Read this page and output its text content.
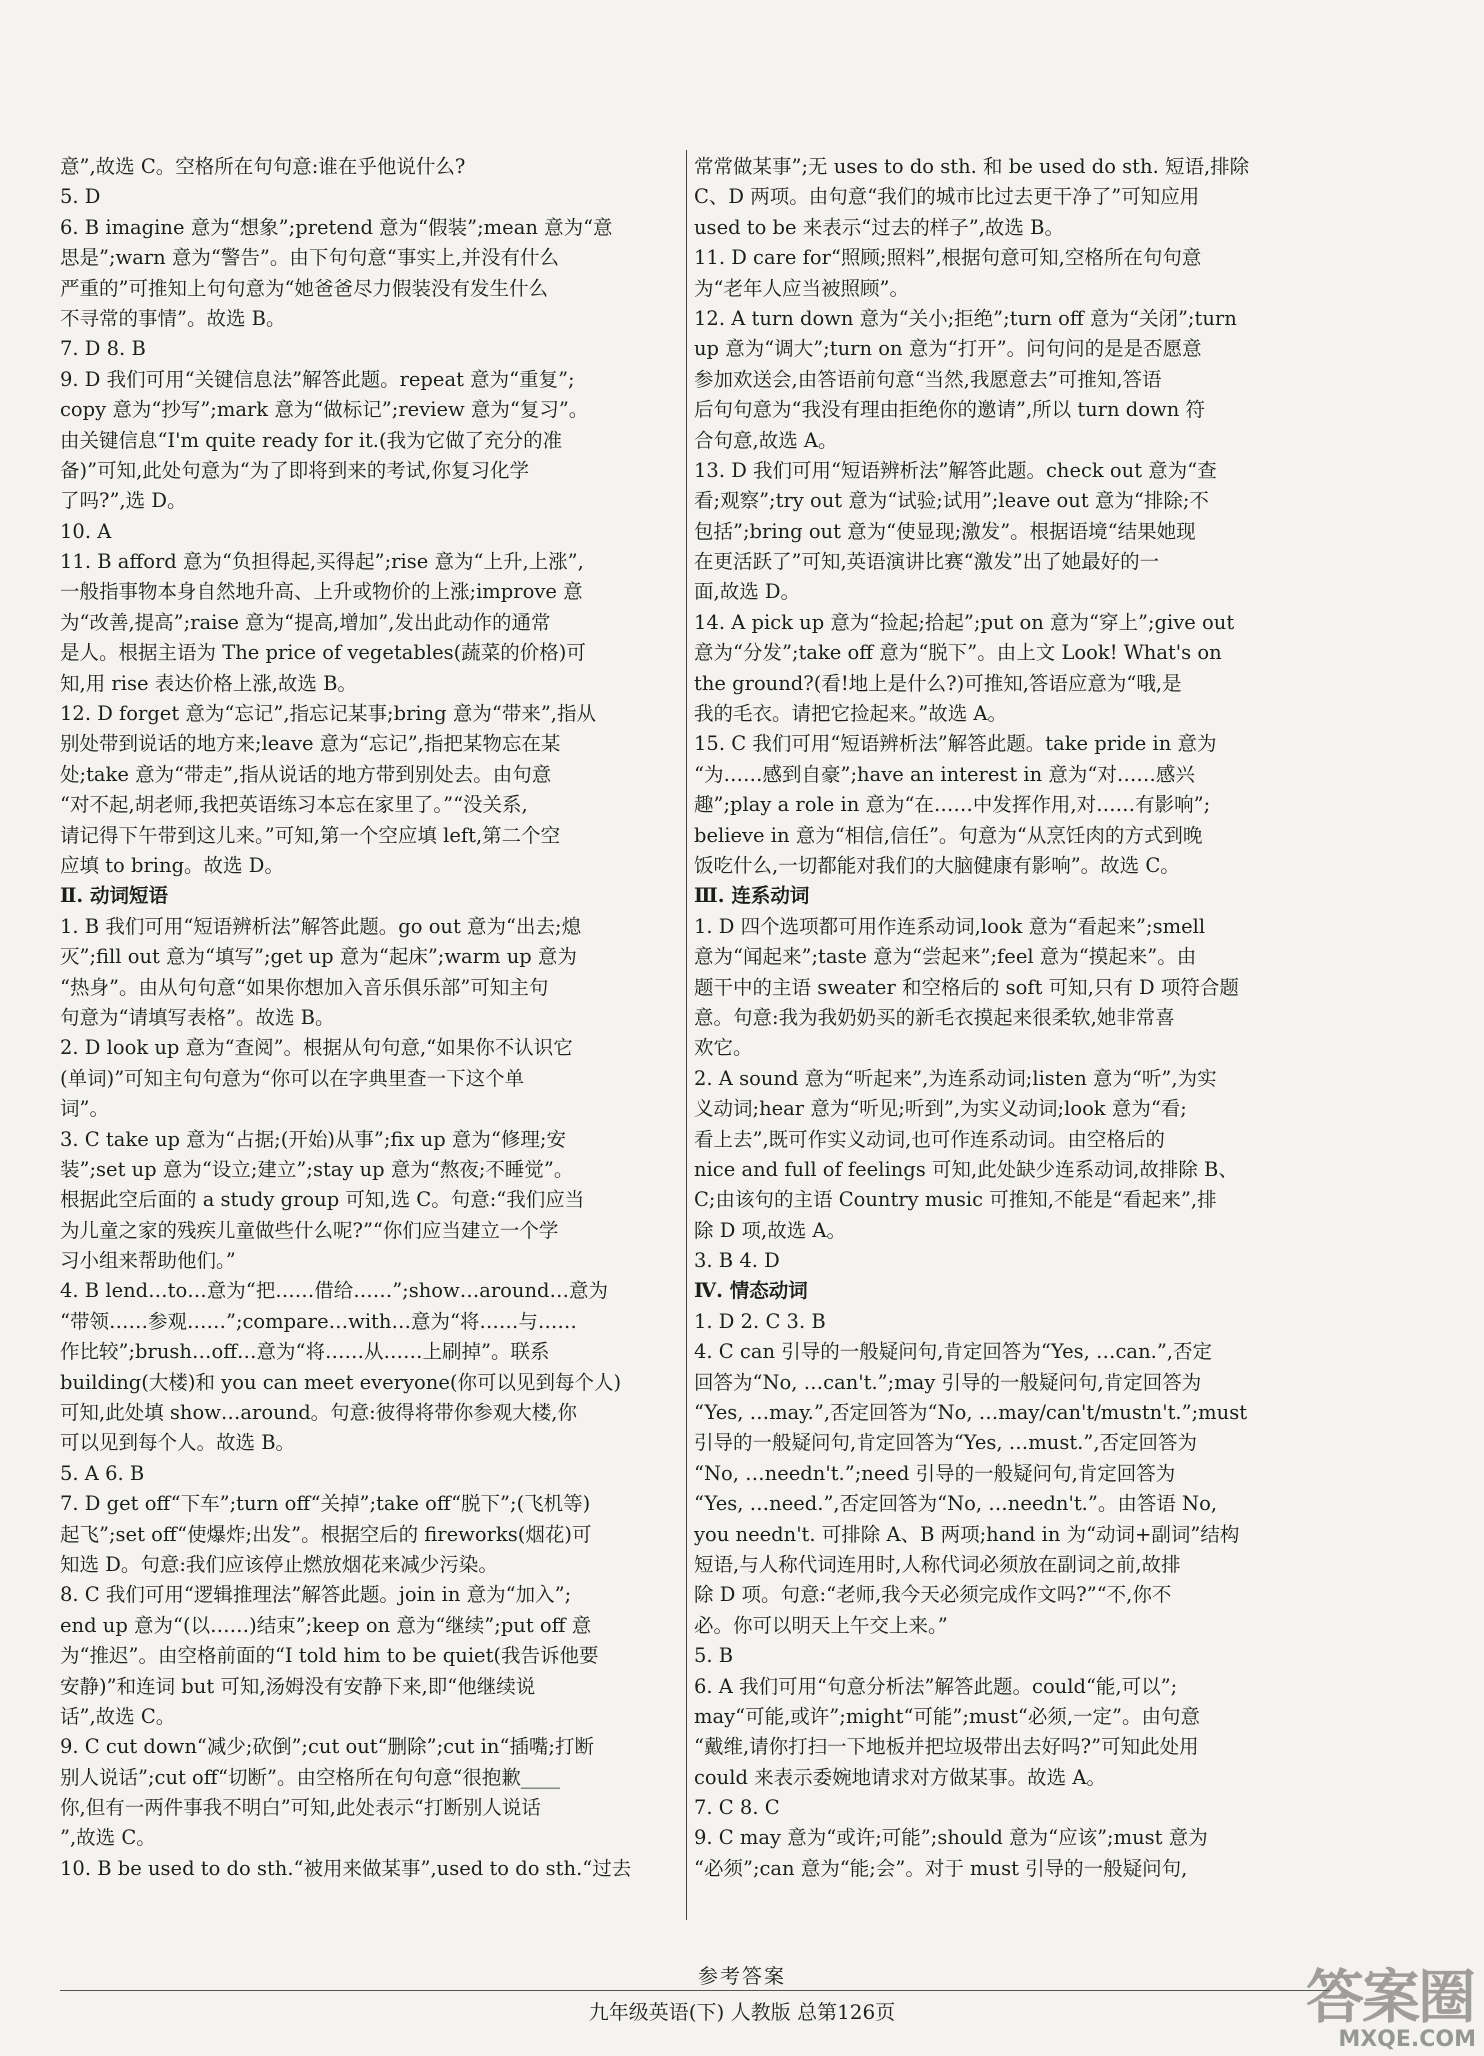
意”,故选 C。空格所在句句意:谁在乎他说什么?
5. D
6. B imagine 意为“想象”;pretend 意为“假装”;mean 意为“意
思是”;warn 意为“警告”。由下句句意“事实上,并没有什么
严重的”可推知上句句意为“她爸爸尽力假装没有发生什么
不寻常的事情”。故选 B。
7. D 8. B
9. D 我们可用“关键信息法”解答此题。repeat 意为“重复”;
copy 意为“抄写”;mark 意为“做标记”;review 意为“复习”。
由关键信息“I'm quite ready for it.(我为它做了充分的准
备)”可知,此处句意为“为了即将到来的考试,你复习化学
了吗?”,选 D。
10. A
11. B afford 意为“负担得起,买得起”;rise 意为“上升,上涨”,
一般指事物本身自然地升高、上升或物价的上涨;improve 意
为“改善,提高”;raise 意为“提高,增加”,发出此动作的通常
是人。根据主语为 The price of vegetables(蔬菜的价格)可
知,用 rise 表达价格上涨,故选 B。
12. D forget 意为“忘记”,指忘记某事;bring 意为“带来”,指从
别处带到说话的地方来;leave 意为“忘记”,指把某物忘在某
处;take 意为“带走”,指从说话的地方带到别处去。由句意
“对不起,胡老师,我把英语练习本忘在家里了。”“没关系,
请记得下午带到这儿来。”可知,第一个空应填 left,第二个空
应填 to bring。故选 D。
Ⅱ. 动词短语
1. B 我们可用“短语辨析法”解答此题。go out 意为“出去;熄
灭”;fill out 意为“填写”;get up 意为“起床”;warm up 意为
“热身”。由从句句意“如果你想加入音乐俱乐部”可知主句
句意为“请填写表格”。故选 B。
2. D look up 意为“查阅”。根据从句句意,“如果你不认识它
(单词)”可知主句句意为“你可以在字典里查一下这个单
词”。
3. C take up 意为“占据;(开始)从事”;fix up 意为“修理;安
装”;set up 意为“设立;建立”;stay up 意为“熬夜;不睡觉”。
根据此空后面的 a study group 可知,选 C。句意:“我们应当
为儿童之家的残疾儿童做些什么呢?”“你们应当建立一个学
习小组来帮助他们。”
4. B lend…to…意为“把……借给……”;show…around…意为
“带领……参观……”;compare…with…意为“将……与……
作比较”;brush…off…意为“将……从……上刷掉”。联系
building(大楼)和 you can meet everyone(你可以见到每个人)
可知,此处填 show…around。句意:彼得将带你参观大楼,你
可以见到每个人。故选 B。
5. A 6. B
7. D get off“下车”;turn off“关掉”;take off“脱下”;(飞机等)
起飞”;set off“使爆炸;出发”。根据空后的 fireworks(烟花)可
知选 D。句意:我们应该停止燃放烟花来减少污染。
8. C 我们可用“逻辑推理法”解答此题。join in 意为“加入”;
end up 意为“(以……)结束”;keep on 意为“继续”;put off 意
为“推迟”。由空格前面的“I told him to be quiet(我告诉他要
安静)”和连词 but 可知,汤姆没有安静下来,即“他继续说
话”,故选 C。
9. C cut down“减少;砍倒”;cut out“删除”;cut in“插嘴;打断
别人说话”;cut off“切断”。由空格所在句句意“很抱歉____
你,但有一两件事我不明白”可知,此处表示“打断别人说话
”,故选 C。
10. B be used to do sth.“被用来做某事”,used to do sth.“过去
常常做某事”;无 uses to do sth. 和 be used do sth. 短语,排除
C、D 两项。由句意“我们的城市比过去更干净了”可知应用
used to be 来表示“过去的样子”,故选 B。
11. D care for“照顾;照料”,根据句意可知,空格所在句句意
为“老年人应当被照顾”。
12. A turn down 意为“关小;拒绝”;turn off 意为“关闭”;turn
up 意为“调大”;turn on 意为“打开”。问句问的是是否愿意
参加欢送会,由答语前句意“当然,我愿意去”可推知,答语
后句句意为“我没有理由拒绝你的邀请”,所以 turn down 符
合句意,故选 A。
13. D 我们可用“短语辨析法”解答此题。check out 意为“查
看;观察”;try out 意为“试验;试用”;leave out 意为“排除;不
包括”;bring out 意为“使显现;激发”。根据语境“结果她现
在更活跃了”可知,英语演讲比赛“激发”出了她最好的一
面,故选 D。
14. A pick up 意为“捡起;拾起”;put on 意为“穿上”;give out
意为“分发”;take off 意为“脱下”。由上文 Look! What's on
the ground?(看!地上是什么?)可推知,答语应意为“哦,是
我的毛衣。请把它捡起来。”故选 A。
15. C 我们可用“短语辨析法”解答此题。take pride in 意为
“为……感到自豪”;have an interest in 意为“对……感兴
趣”;play a role in 意为“在……中发挥作用,对……有影响”;
believe in 意为“相信,信任”。句意为“从烹饪肉的方式到晚
饭吃什么,一切都能对我们的大脑健康有影响”。故选 C。
Ⅲ. 连系动词
1. D 四个选项都可用作连系动词,look 意为“看起来”;smell
意为“闻起来”;taste 意为“尝起来”;feel 意为“摸起来”。由
题干中的主语 sweater 和空格后的 soft 可知,只有 D 项符合题
意。句意:我为我奶奶买的新毛衣摸起来很柔软,她非常喜
欢它。
2. A sound 意为“听起来”,为连系动词;listen 意为“听”,为实
义动词;hear 意为“听见;听到”,为实义动词;look 意为“看;
看上去”,既可作实义动词,也可作连系动词。由空格后的
nice and full of feelings 可知,此处缺少连系动词,故排除 B、
C;由该句的主语 Country music 可推知,不能是“看起来”,排
除 D 项,故选 A。
3. B 4. D
Ⅳ. 情态动词
1. D 2. C 3. B
4. C can 引导的一般疑问句,肯定回答为“Yes, …can.”,否定
回答为“No, …can't.”;may 引导的一般疑问句,肯定回答为
“Yes, …may.”,否定回答为“No, …may/can't/mustn't.”;must
引导的一般疑问句,肯定回答为“Yes, …must.”,否定回答为
“No, …needn't.”;need 引导的一般疑问句,肯定回答为
“Yes, …need.”,否定回答为“No, …needn't.”。由答语 No,
you needn't. 可排除 A、B 两项;hand in 为“动词+副词”结构
短语,与人称代词连用时,人称代词必须放在副词之前,故排
除 D 项。句意:“老师,我今天必须完成作文吗?”“不,你不
必。你可以明天上午交上来。”
5. B
6. A 我们可用“句意分析法”解答此题。could“能,可以”;
may“可能,或许”;might“可能”;must“必须,一定”。由句意
“戴维,请你打扫一下地板并把垃圾带出去好吗?”可知此处用
could 来表示委婉地请求对方做某事。故选 A。
7. C 8. C
9. C may 意为“或许;可能”;should 意为“应该”;must 意为
“必须”;can 意为“能;会”。对于 must 引导的一般疑问句,
参考答案
九年级英语(下) 人教版 总第126页	答案圈
MXQE.COM
